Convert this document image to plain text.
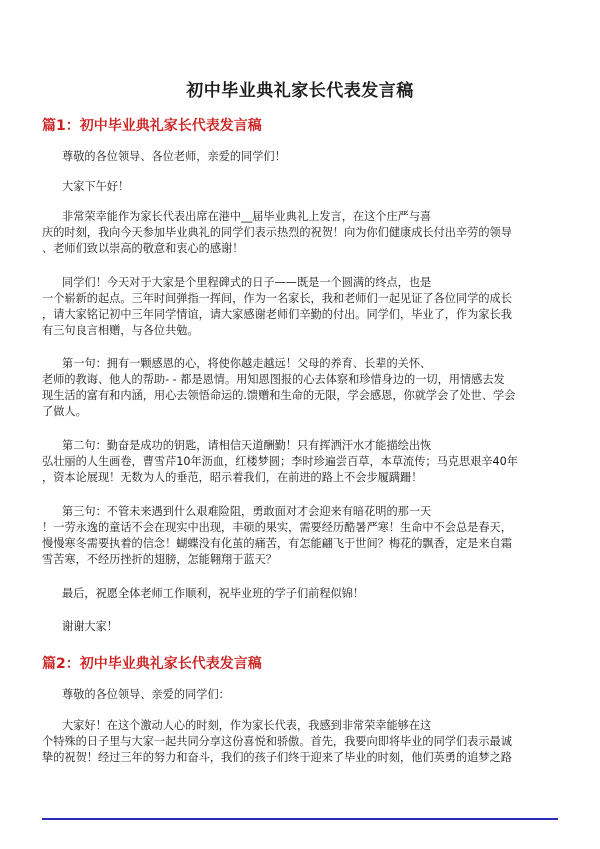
初中毕业典礼家长代表发言稿
篇1：初中毕业典礼家长代表发言稿
尊敬的各位领导、各位老师，亲爱的同学们！
大家下午好！
非常荣幸能作为家长代表出席在港中__届毕业典礼上发言，在这个庄严与喜
庆的时刻，我向今天参加毕业典礼的同学们表示热烈的祝贺！向为你们健康成长付出辛劳的领导
、老师们致以崇高的敬意和衷心的感谢！
同学们！今天对于大家是个里程碑式的日子——既是一个圆满的终点，也是
一个崭新的起点。三年时间弹指一挥间，作为一名家长，我和老师们一起见证了各位同学的成长
，请大家铭记初中三年同学情谊，请大家感谢老师们辛勤的付出。同学们，毕业了，作为家长我
有三句良言相赠，与各位共勉。
第一句：拥有一颗感恩的心，将使你越走越远！父母的养育、长辈的关怀、
老师的教诲、他人的帮助- - 都是恩情。用知恩图报的心去体察和珍惜身边的一切，用情感去发
现生活的富有和内涵，用心去领悟命运的.馈赠和生命的无限，学会感恩，你就学会了处世、学会
了做人。
第二句：勤奋是成功的钥匙，请相信天道酬勤！只有挥洒汗水才能描绘出恢
弘壮丽的人生画卷，曹雪芹10年沥血，红楼梦圆；李时珍遍尝百草，本草流传；马克思艰辛40年
，资本论展现！无数为人的垂范，昭示着我们，在前进的路上不会步履蹒跚！
第三句：不管未来遇到什么艰难险阻，勇敢面对才会迎来有暗花明的那一天
！一劳永逸的童话不会在现实中出现，丰硕的果实，需要经历酷暑严寒！生命中不会总是春天，
慢慢寒冬需要执着的信念！蝴蝶没有化茧的痛苦，有怎能翩飞于世间？梅花的飘香，定是来自霜
雪苦寒，不经历挫折的翅膀，怎能翱翔于蓝天？
最后，祝愿全体老师工作顺利，祝毕业班的学子们前程似锦！
谢谢大家！
篇2：初中毕业典礼家长代表发言稿
尊敬的各位领导、亲爱的同学们：
大家好！在这个激动人心的时刻，作为家长代表，我感到非常荣幸能够在这
个特殊的日子里与大家一起共同分享这份喜悦和骄傲。首先，我要向即将毕业的同学们表示最诚
挚的祝贺！经过三年的努力和奋斗，我们的孩子们终于迎来了毕业的时刻，他们英勇的追梦之路
